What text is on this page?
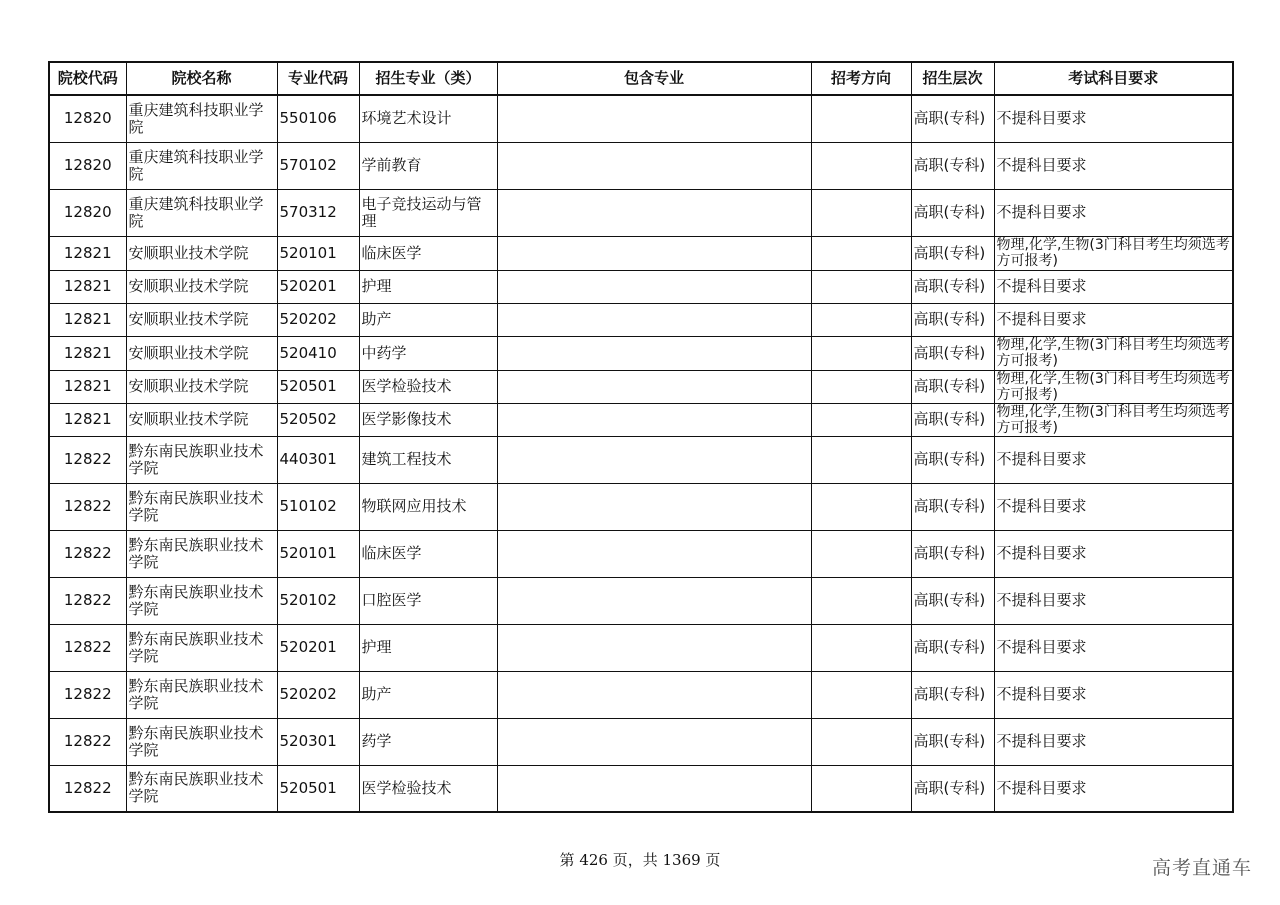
院校代码	院校名称	专业代码	招生专业（类）	包含专业	招考方向	招生层次	考试科目要求
12820	重庆建筑科技职业学院	550106	环境艺术设计			高职(专科)	不提科目要求
12820	重庆建筑科技职业学院	570102	学前教育			高职(专科)	不提科目要求
12820	重庆建筑科技职业学院	570312	电子竞技运动与管理			高职(专科)	不提科目要求
12821	安顺职业技术学院	520101	临床医学			高职(专科)	物理,化学,生物(3门科目考生均须选考方可报考)
12821	安顺职业技术学院	520201	护理			高职(专科)	不提科目要求
12821	安顺职业技术学院	520202	助产			高职(专科)	不提科目要求
12821	安顺职业技术学院	520410	中药学			高职(专科)	物理,化学,生物(3门科目考生均须选考方可报考)
12821	安顺职业技术学院	520501	医学检验技术			高职(专科)	物理,化学,生物(3门科目考生均须选考方可报考)
12821	安顺职业技术学院	520502	医学影像技术			高职(专科)	物理,化学,生物(3门科目考生均须选考方可报考)
12822	黔东南民族职业技术学院	440301	建筑工程技术			高职(专科)	不提科目要求
12822	黔东南民族职业技术学院	510102	物联网应用技术			高职(专科)	不提科目要求
12822	黔东南民族职业技术学院	520101	临床医学			高职(专科)	不提科目要求
12822	黔东南民族职业技术学院	520102	口腔医学			高职(专科)	不提科目要求
12822	黔东南民族职业技术学院	520201	护理			高职(专科)	不提科目要求
12822	黔东南民族职业技术学院	520202	助产			高职(专科)	不提科目要求
12822	黔东南民族职业技术学院	520301	药学			高职(专科)	不提科目要求
12822	黔东南民族职业技术学院	520501	医学检验技术			高职(专科)	不提科目要求
第 426 页，共 1369 页	高考直通车
